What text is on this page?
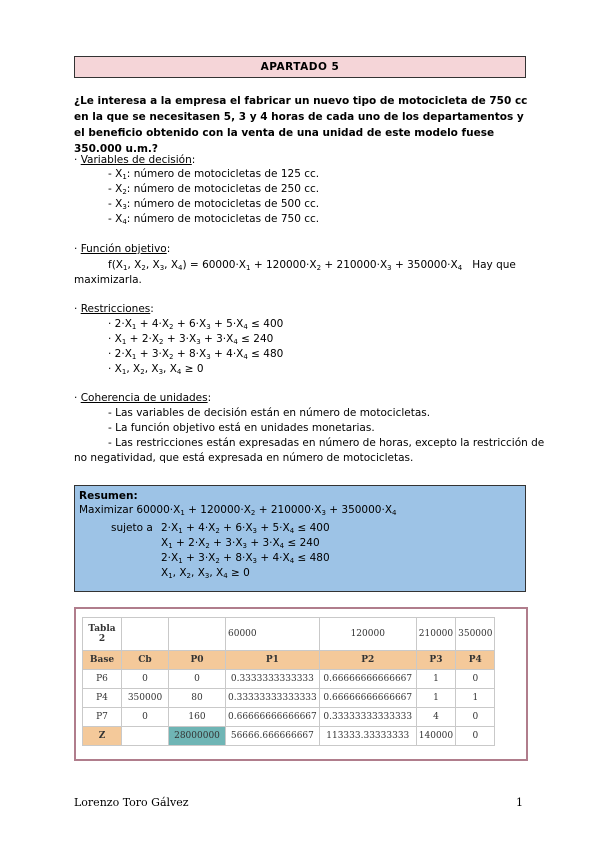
APARTADO 5
¿Le interesa a la empresa el fabricar un nuevo tipo de motocicleta de 750 cc en la que se necesitasen 5, 3 y 4 horas de cada uno de los departamentos y el beneficio obtenido con la venta de una unidad de este modelo fuese 350.000 u.m.?
· Variables de decisión:
- $X_1$: número de motocicletas de 125 cc.
- $X_2$: número de motocicletas de 250 cc.
- $X_3$: número de motocicletas de 500 cc.
- $X_4$: número de motocicletas de 750 cc.
· Función objetivo:
$f(X_1$, $X_2$, $X_3$, $X_4) = 60000\cdot X_1 + 120000\cdot X_2 + 210000\cdot X_3 + 350000\cdot X_4$ Hay que
maximizarla.
· Restricciones:
· $2\cdot X_1 + 4\cdot X_2 + 6\cdot X_3 + 5\cdot X_4 \le 400$
· $X_1 + 2\cdot X_2 + 3\cdot X_3 + 3\cdot X_4 \le 240$
· $2\cdot X_1 + 3\cdot X_2 + 8\cdot X_3 + 4\cdot X_4 \le 480$
· $X_1$, $X_2$, $X_3$, $X_4 \ge 0$
· Coherencia de unidades:
- Las variables de decisión están en número de motocicletas.
- La función objetivo está en unidades monetarias.
- Las restricciones están expresadas en número de horas, excepto la restricción de
no negatividad, que está expresada en número de motocicletas.
Resumen:
Maximizar $60000\cdot X_1 + 120000\cdot X_2 + 210000\cdot X_3 + 350000\cdot X_4$
sujeto a $2\cdot X_1 + 4\cdot X_2 + 6\cdot X_3 + 5\cdot X_4 \le 400$
$X_1 + 2\cdot X_2 + 3\cdot X_3 + 3\cdot X_4 \le 240$
$2\cdot X_1 + 3\cdot X_2 + 8\cdot X_3 + 4\cdot X_4 \le 480$
$X_1$, $X_2$, $X_3$, $X_4 \ge 0$
Tabla 2			60000	120000	210000	350000
Base	Cb	P0	P1	P2	P3	P4
P6	0	0	0.3333333333333	0.66666666666667	1	0
P4	350000	80	0.33333333333333	0.66666666666667	1	1
P7	0	160	0.66666666666667	0.33333333333333	4	0
Z		28000000	56666.666666667	113333.33333333	140000	0
Lorenzo Toro Gálvez	1
